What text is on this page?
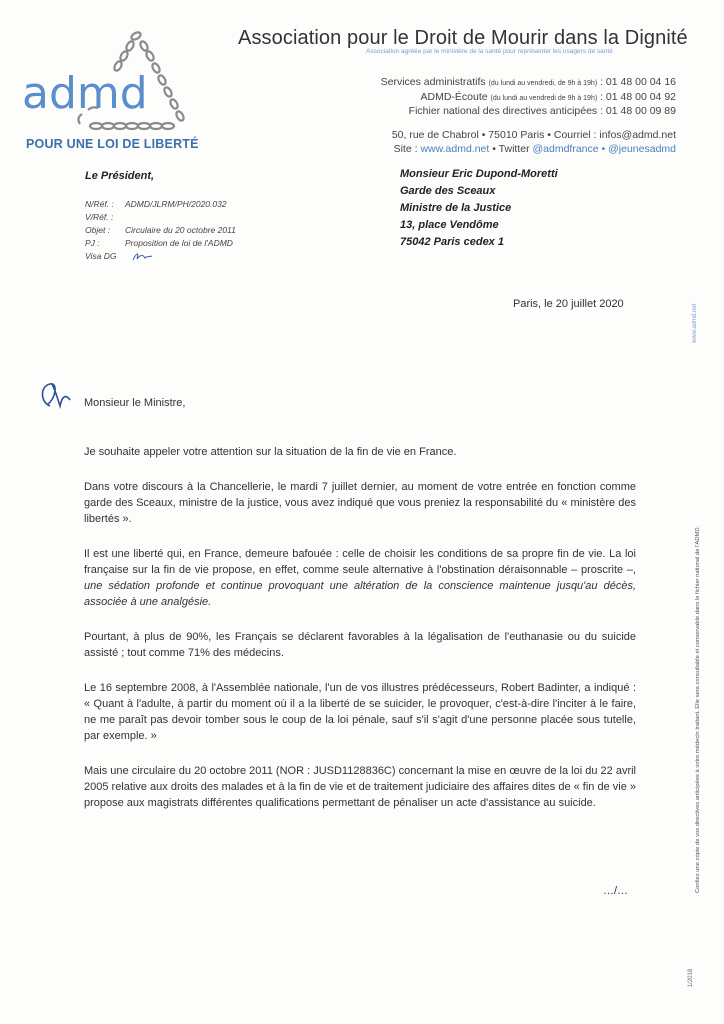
admd
POUR UNE LOI DE LIBERTÉ
Association pour le Droit de Mourir dans la Dignité
Association agréée par le ministère de la santé pour représenter les usagers de santé
Services administratifs (du lundi au vendredi, de 9h à 19h) : 01 48 00 04 16
ADMD-Écoute (du lundi au vendredi de 9h à 19h) : 01 48 00 04 92
Fichier national des directives anticipées : 01 48 00 09 89
50, rue de Chabrol • 75010 Paris • Courriel : infos@admd.net
Site : www.admd.net • Twitter @admdfrance • @jeunesadmd
Le Président,
N/Réf. :	ADMD/JLRM/PH/2020.032
V/Réf. :
Objet :	Circulaire du 20 octobre 2011
PJ :	Proposition de loi de l'ADMD
Visa DG
Monsieur Eric Dupond-Moretti
Garde des Sceaux
Ministre de la Justice
13, place Vendôme
75042 Paris cedex 1
Paris, le 20 juillet 2020
Monsieur le Ministre,

Je souhaite appeler votre attention sur la situation de la fin de vie en France.

Dans votre discours à la Chancellerie, le mardi 7 juillet dernier, au moment de votre entrée en fonction comme garde des Sceaux, ministre de la justice, vous avez indiqué que vous preniez la responsabilité du « ministère des libertés ».

Il est une liberté qui, en France, demeure bafouée : celle de choisir les conditions de sa propre fin de vie. La loi française sur la fin de vie propose, en effet, comme seule alternative à l'obstination déraisonnable – proscrite –, une sédation profonde et continue provoquant une altération de la conscience maintenue jusqu'au décès, associée à une analgésie.

Pourtant, à plus de 90%, les Français se déclarent favorables à la légalisation de l'euthanasie ou du suicide assisté ; tout comme 71% des médecins.

Le 16 septembre 2008, à l'Assemblée nationale, l'un de vos illustres prédécesseurs, Robert Badinter, a indiqué : « Quant à l'adulte, à partir du moment où il a la liberté de se suicider, le provoquer, c'est-à-dire l'inciter à le faire, ne me paraît pas devoir tomber sous le coup de la loi pénale, sauf s'il s'agit d'une personne placée sous tutelle, par exemple. »

Mais une circulaire du 20 octobre 2011 (NOR : JUSD1128836C) concernant la mise en œuvre de la loi du 22 avril 2005 relative aux droits des malades et à la fin de vie et de traitement judiciaire des affaires dites de « fin de vie » propose aux magistrats différentes qualifications permettant de pénaliser un acte d'assistance au suicide.

…/…
www.admd.net
Confiez une copie de vos directives anticipées à votre médecin traitant. Elle sera consultable et conservable dans le fichier national de l'ADMD.
1/2018
